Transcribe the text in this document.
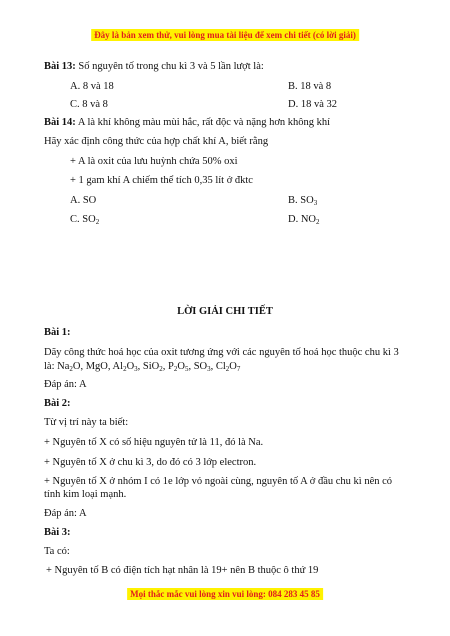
Đây là bản xem thử, vui lòng mua tài liệu để xem chi tiết (có lời giải)
Bài 13: Số nguyên tố trong chu kì 3 và 5 lần lượt là:
A. 8 và 18	B. 18 và 8
C. 8 và 8	D. 18 và 32
Bài 14: A là khí không màu mùi hắc, rất độc và nặng hơn không khí
Hãy xác định công thức của hợp chất khí A, biết rằng
+ A là oxit của lưu huỳnh chứa 50% oxi
+ 1 gam khí A chiếm thể tích 0,35 lít ở đktc
A. SO	B. $SO_3$
C. $SO_2$	D. $NO_2$
LỜI GIẢI CHI TIẾT
Bài 1:
Dãy công thức hoá học của oxit tương ứng với các nguyên tố hoá học thuộc chu kì 3
là: $Na_2O$, MgO, $Al_2O_3$, SiO$_2$, $P_2O_5$, $SO_3$, $Cl_2O_7$
Đáp án: A
Bài 2:
Từ vị trí này ta biết:
+ Nguyên tố X có số hiệu nguyên tử là 11, đó là Na.
+ Nguyên tố X ở chu kì 3, do đó có 3 lớp electron.
+ Nguyên tố X ở nhóm I có 1e lớp vỏ ngoài cùng, nguyên tố A ở đầu chu kì nên có
tính kim loại mạnh.
Đáp án: A
Bài 3:
Ta có:
+ Nguyên tố B có điện tích hạt nhân là 19+ nên B thuộc ô thứ 19
Mọi thắc mắc vui lòng xin vui lòng: 084 283 45 85
